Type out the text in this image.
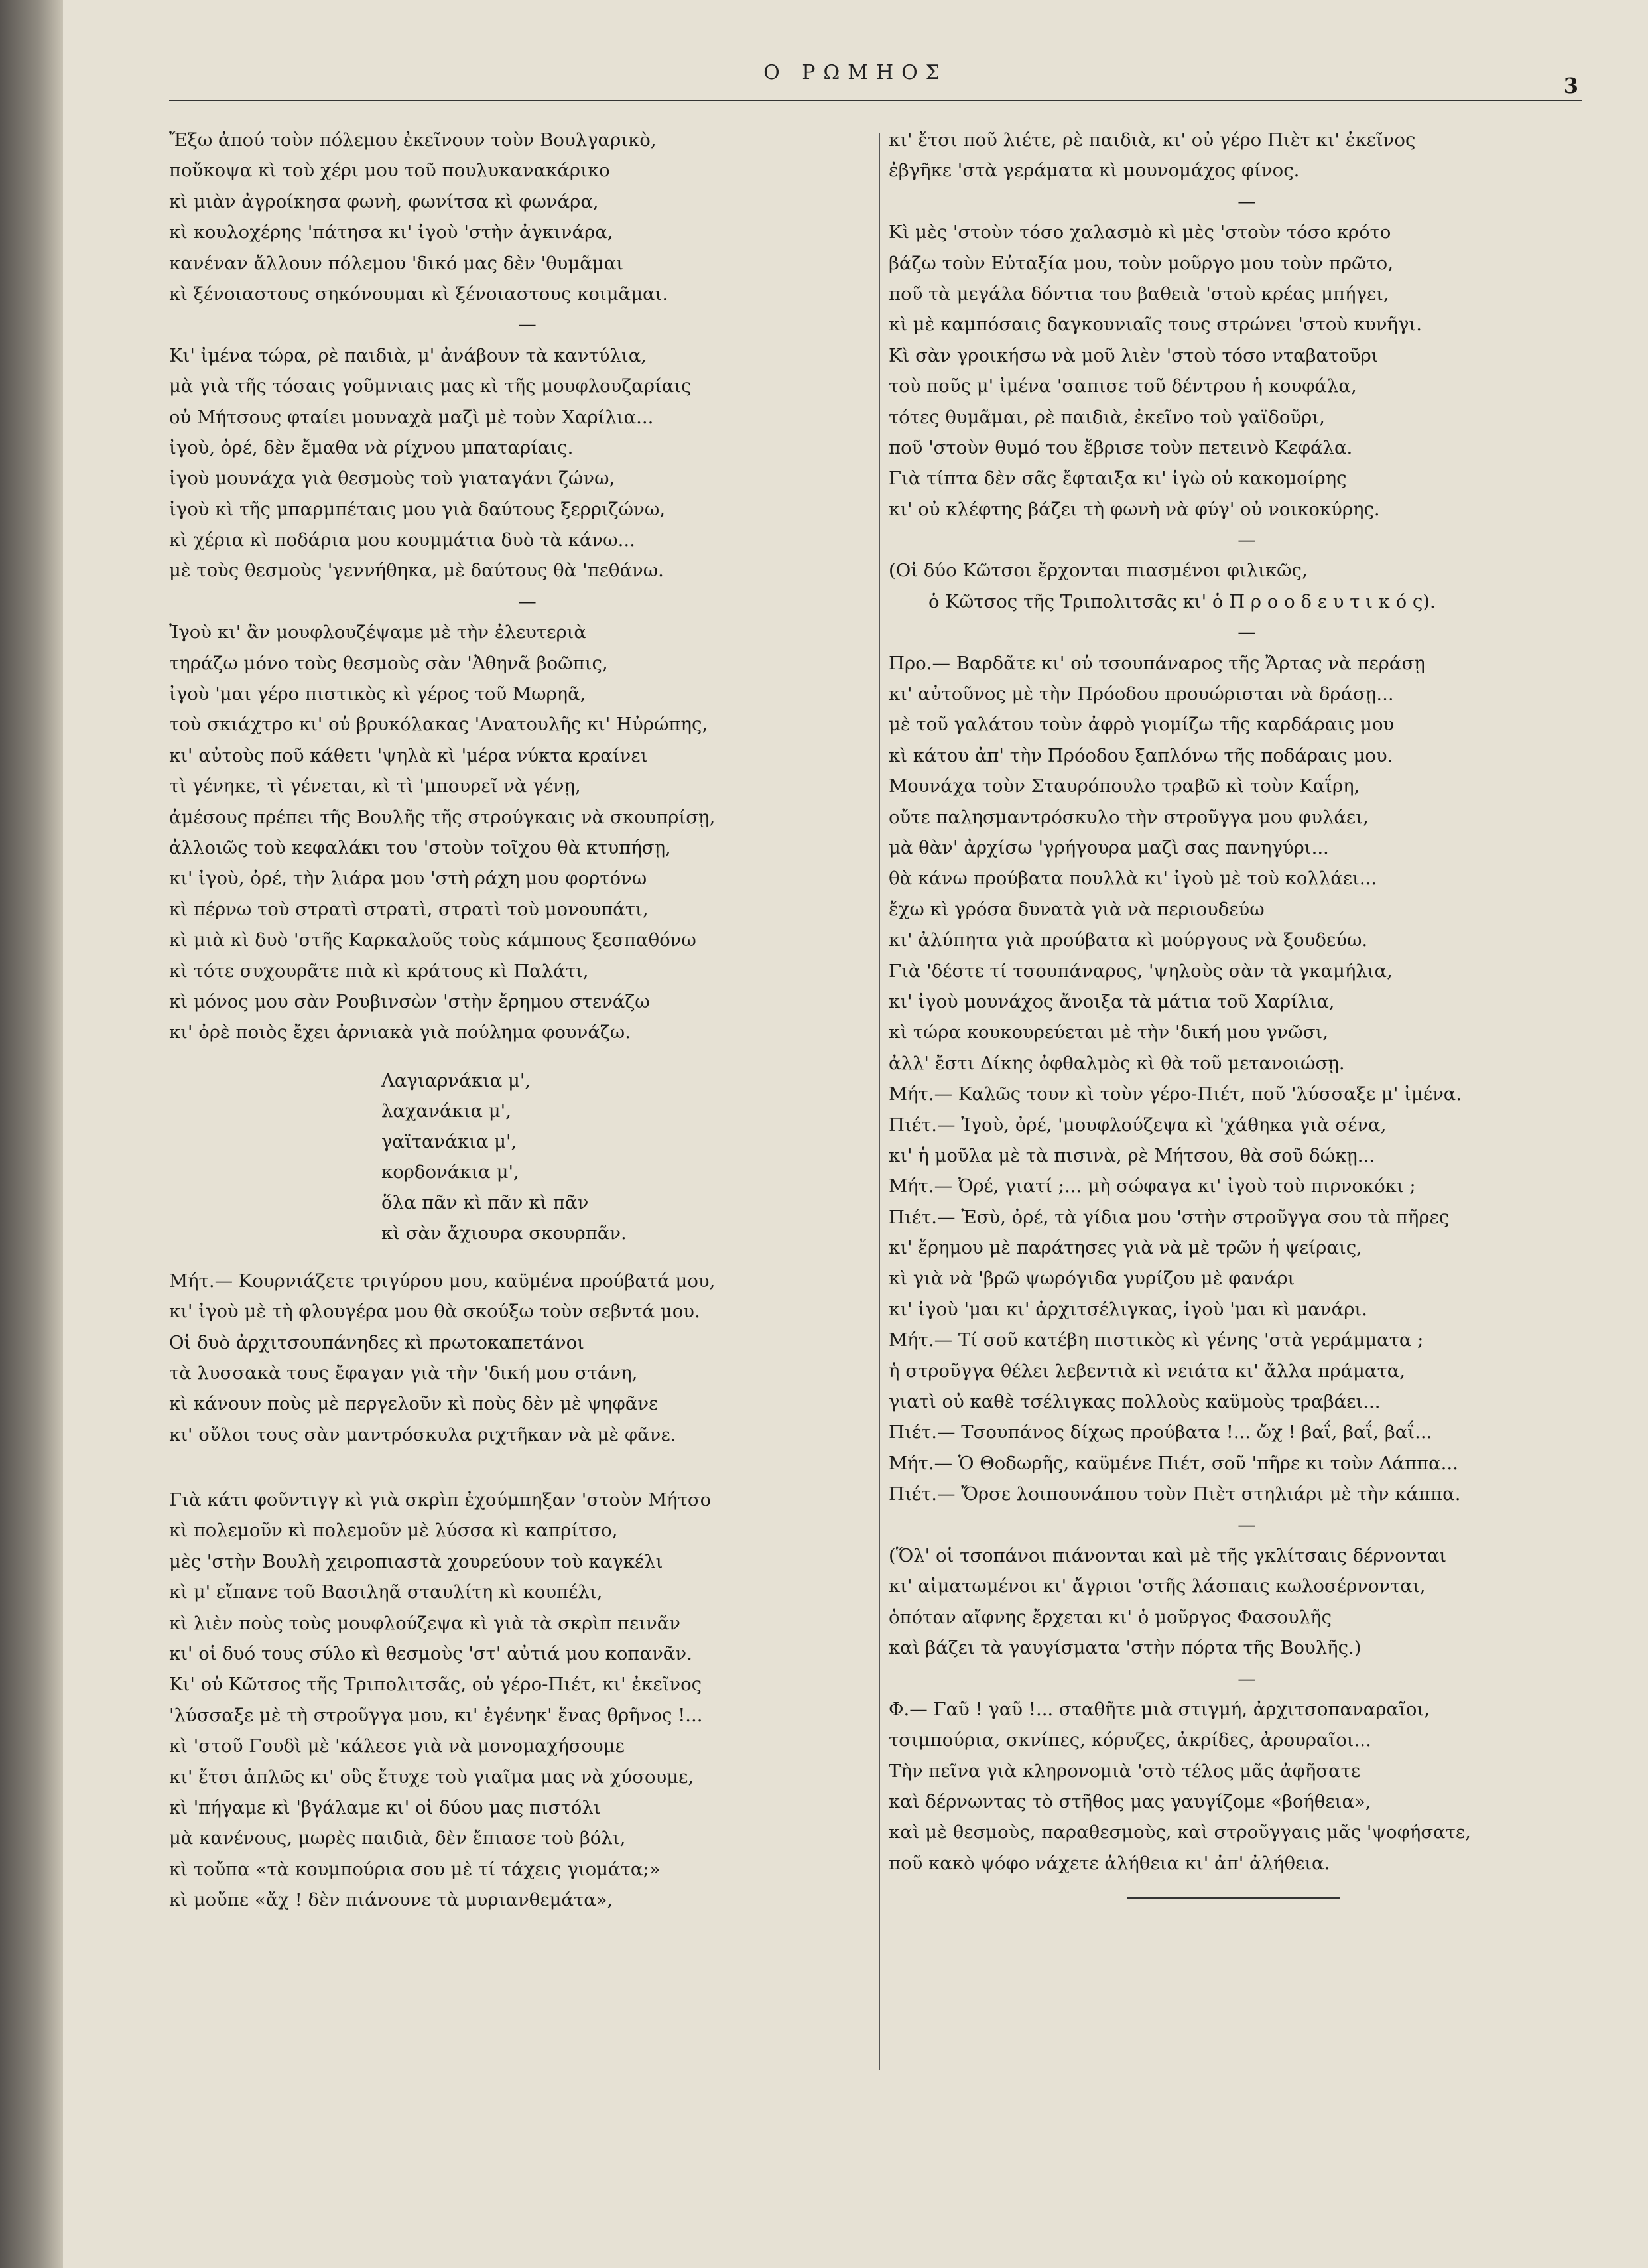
Ο ΡΩΜΗΟΣ
3
Ἔξω ἀπού τοὺν πόλεμου ἐκεῖνουν τοὺν Βουλγαρικὸ,
ποὔκοψα κὶ τοὺ χέρι μου τοῦ πουλυκανακάρικο
κὶ μιὰν ἀγροίκησα φωνὴ, φωνίτσα κὶ φωνάρα,
κὶ κουλοχέρης 'πάτησα κι' ἰγοὺ 'στὴν ἀγκινάρα,
κανέναν ἄλλουν πόλεμου 'δικό μας δὲν 'θυμᾶμαι
κὶ ξένοιαστους σηκόνουμαι κὶ ξένοιαστους κοιμᾶμαι.
—
Κι' ἰμένα τώρα, ρὲ παιδιὰ, μ' ἀνάβουν τὰ καντύλια,
μὰ γιὰ τῆς τόσαις γοῦμνιαις μας κὶ τῆς μουφλουζαρίαις
οὐ Μήτσους φταίει μουναχὰ μαζὶ μὲ τοὺν Χαρίλια...
ἰγοὺ, ὀρέ, δὲν ἔμαθα νὰ ρίχνου μπαταρίαις.
ἰγοὺ μουνάχα γιὰ θεσμοὺς τοὺ γιαταγάνι ζώνω,
ἰγοὺ κὶ τῆς μπαρμπέταις μου γιὰ δαύτους ξερριζώνω,
κὶ χέρια κὶ ποδάρια μου κουμμάτια δυὸ τὰ κάνω...
μὲ τοὺς θεσμοὺς 'γεννήθηκα, μὲ δαύτους θὰ 'πεθάνω.
—
Ἰγοὺ κι' ἂν μουφλουζέψαμε μὲ τὴν ἐλευτεριὰ
τηράζω μόνο τοὺς θεσμοὺς σὰν 'Ἀθηνᾶ βοῶπις,
ἰγοὺ 'μαι γέρο πιστικὸς κὶ γέρος τοῦ Μωρηᾶ,
τοὺ σκιάχτρο κι' οὐ βρυκόλακας 'Ανατουλῆς κι' Ηὐρώπης,
κι' αὐτοὺς ποῦ κάθετι 'ψηλὰ κὶ 'μέρα νύκτα κραίνει
τὶ γένηκε, τὶ γένεται, κὶ τὶ 'μπουρεῖ νὰ γένῃ,
ἀμέσους πρέπει τῆς Βουλῆς τῆς στρούγκαις νὰ σκουπρίσῃ,
ἀλλοιῶς τοὺ κεφαλάκι του 'στοὺν τοῖχου θὰ κτυπήσῃ,
κι' ἰγοὺ, ὀρέ, τὴν λιάρα μου 'στὴ ράχη μου φορτόνω
κὶ πέρνω τοὺ στρατὶ στρατὶ, στρατὶ τοὺ μονουπάτι,
κὶ μιὰ κὶ δυὸ 'στῆς Καρκαλοῦς τοὺς κάμπους ξεσπαθόνω
κὶ τότε συχουρᾶτε πιὰ κὶ κράτους κὶ Παλάτι,
κὶ μόνος μου σὰν Ρουβινσὼν 'στὴν ἔρημου στενάζω
κι' ὀρὲ ποιὸς ἔχει ἀρνιακὰ γιὰ πούλημα φουνάζω.
Λαγιαρνάκια μ',
λαχανάκια μ',
γαϊτανάκια μ',
κορδονάκια μ',
ὅλα πᾶν κὶ πᾶν κὶ πᾶν
κὶ σὰν ἄχιουρα σκουρπᾶν.
Μήτ.— Κουρνιάζετε τριγύρου μου, καϋμένα προύβατά μου,
κι' ἰγοὺ μὲ τὴ φλουγέρα μου θὰ σκούξω τοὺν σεβντά μου.
Οἱ δυὸ ἀρχιτσουπάνηδες κὶ πρωτοκαπετάνοι
τὰ λυσσακὰ τους ἔφαγαν γιὰ τὴν 'δική μου στάνη,
κὶ κάνουν ποὺς μὲ περγελοῦν κὶ ποὺς δὲν μὲ ψηφᾶνε
κι' οὔλοι τους σὰν μαντρόσκυλα ριχτῆκαν νὰ μὲ φᾶνε.
Γιὰ κάτι φοῦντιγγ κὶ γιὰ σκρὶπ ἐχούμπηξαν 'στοὺν Μήτσο
κὶ πολεμοῦν κὶ πολεμοῦν μὲ λύσσα κὶ καπρίτσο,
μὲς 'στὴν Βουλὴ χειροπιαστὰ χουρεύουν τοὺ καγκέλι
κὶ μ' εἴπανε τοῦ Βασιληᾶ σταυλίτη κὶ κουπέλι,
κὶ λιὲν ποὺς τοὺς μουφλούζεψα κὶ γιὰ τὰ σκρὶπ πεινᾶν
κι' οἱ δυό τους σύλο κὶ θεσμοὺς 'στ' αὐτιά μου κοπανᾶν.
Κι' οὐ Κῶτσος τῆς Τριπολιτσᾶς, οὐ γέρο-Πιέτ, κι' ἐκεῖνος
'λύσσαξε μὲ τὴ στροῦγγα μου, κι' ἐγένηκ' ἕνας θρῆνος !...
κὶ 'στοῦ Γουδὶ μὲ 'κάλεσε γιὰ νὰ μονομαχήσουμε
κι' ἔτσι ἁπλῶς κι' οὓς ἔτυχε τοὺ γιαῖμα μας νὰ χύσουμε,
κὶ 'πήγαμε κὶ 'βγάλαμε κι' οἱ δύου μας πιστόλι
μὰ κανένους, μωρὲς παιδιὰ, δὲν ἔπιασε τοὺ βόλι,
κὶ τοὔπα «τὰ κουμπούρια σου μὲ τί τάχεις γιομάτα;»
κὶ μοὔπε «ἄχ ! δὲν πιάνουνε τὰ μυριανθεμάτα»,
κι' ἔτσι ποῦ λιέτε, ρὲ παιδιὰ, κι' οὐ γέρο Πιὲτ κι' ἐκεῖνος
ἐβγῆκε 'στὰ γεράματα κὶ μουνομάχος φίνος.
—
Κὶ μὲς 'στοὺν τόσο χαλασμὸ κὶ μὲς 'στοὺν τόσο κρότο
βάζω τοὺν Εὐταξία μου, τοὺν μοῦργο μου τοὺν πρῶτο,
ποῦ τὰ μεγάλα δόντια του βαθειὰ 'στοὺ κρέας μπήγει,
κὶ μὲ καμπόσαις δαγκουνιαῖς τους στρώνει 'στοὺ κυνῆγι.
Κὶ σὰν γροικήσω νὰ μοῦ λιὲν 'στοὺ τόσο νταβατοῦρι
τοὺ ποῦς μ' ἰμένα 'σαπισε τοῦ δέντρου ἡ κουφάλα,
τότες θυμᾶμαι, ρὲ παιδιὰ, ἐκεῖνο τοὺ γαϊδοῦρι,
ποῦ 'στοὺν θυμό του ἔβρισε τοὺν πετεινὸ Κεφάλα.
Γιὰ τίπτα δὲν σᾶς ἔφταιξα κι' ἰγὼ οὐ κακομοίρης
κι' οὐ κλέφτης βάζει τὴ φωνὴ νὰ φύγ' οὐ νοικοκύρης.
—
(Οἱ δύο Κῶτσοι ἔρχονται πιασμένοι φιλικῶς,
ὁ Κῶτσος τῆς Τριπολιτσᾶς κι' ὁ Π ρ ο ο δ ε υ τ ι κ ό ς).
—
Προ.— Βαρδᾶτε κι' οὐ τσουπάναρος τῆς Ἄρτας νὰ περάσῃ
κι' αὐτοῦνος μὲ τὴν Πρόοδου προυώρισται νὰ δράσῃ...
μὲ τοῦ γαλάτου τοὺν ἀφρὸ γιομίζω τῆς καρδάραις μου
κὶ κάτου ἀπ' τὴν Πρόοδου ξαπλόνω τῆς ποδάραις μου.
Μουνάχα τοὺν Σταυρόπουλο τραβῶ κὶ τοὺν Καΐρη,
οὔτε παλησμαντρόσκυλο τὴν στροῦγγα μου φυλάει,
μὰ θὰν' ἀρχίσω 'γρήγουρα μαζὶ σας πανηγύρι...
θὰ κάνω προύβατα πουλλὰ κι' ἰγοὺ μὲ τοὺ κολλάει...
ἔχω κὶ γρόσα δυνατὰ γιὰ νὰ περιουδεύω
κι' ἀλύπητα γιὰ προύβατα κὶ μούργους νὰ ξουδεύω.
Γιὰ 'δέστε τί τσουπάναρος, 'ψηλοὺς σὰν τὰ γκαμήλια,
κι' ἰγοὺ μουνάχος ἄνοιξα τὰ μάτια τοῦ Χαρίλια,
κὶ τώρα κουκουρεύεται μὲ τὴν 'δική μου γνῶσι,
ἀλλ' ἔστι Δίκης ὀφθαλμὸς κὶ θὰ τοῦ μετανοιώσῃ.
Μήτ.— Καλῶς τουν κὶ τοὺν γέρο-Πιέτ, ποῦ 'λύσσαξε μ' ἰμένα.
Πιέτ.— Ἰγοὺ, ὀρέ, 'μουφλούζεψα κὶ 'χάθηκα γιὰ σένα,
κι' ἡ μοῦλα μὲ τὰ πισινὰ, ρὲ Μήτσου, θὰ σοῦ δώκῃ...
Μήτ.— Ὀρέ, γιατί ;... μὴ σώφαγα κι' ἰγοὺ τοὺ πιρνοκόκι ;
Πιέτ.— Ἐσὺ, ὀρέ, τὰ γίδια μου 'στὴν στροῦγγα σου τὰ πῆρες
κι' ἔρημου μὲ παράτησες γιὰ νὰ μὲ τρῶν ἡ ψείραις,
κὶ γιὰ νὰ 'βρῶ ψωρόγιδα γυρίζου μὲ φανάρι
κι' ἰγοὺ 'μαι κι' ἀρχιτσέλιγκας, ἰγοὺ 'μαι κὶ μανάρι.
Μήτ.— Τί σοῦ κατέβη πιστικὸς κὶ γένης 'στὰ γεράμματα ;
ἡ στροῦγγα θέλει λεβεντιὰ κὶ νειάτα κι' ἄλλα πράματα,
γιατὶ οὐ καθὲ τσέλιγκας πολλοὺς καϋμοὺς τραβάει...
Πιέτ.— Τσουπάνος δίχως προύβατα !... ὤχ ! βαΐ, βαΐ, βαΐ...
Μήτ.— Ὁ Θοδωρῆς, καϋμένε Πιέτ, σοῦ 'πῆρε κι τοὺν Λάππα...
Πιέτ.— Ὄρσε λοιπουνάπου τοὺν Πιὲτ στηλιάρι μὲ τὴν κάππα.
—
(Ὅλ' οἱ τσοπάνοι πιάνονται καὶ μὲ τῆς γκλίτσαις δέρνονται
κι' αἱματωμένοι κι' ἄγριοι 'στῆς λάσπαις κωλοσέρνονται,
ὁπόταν αἴφνης ἔρχεται κι' ὁ μοῦργος Φασουλῆς
καὶ βάζει τὰ γαυγίσματα 'στὴν πόρτα τῆς Βουλῆς.)
—
Φ.— Γαῦ ! γαῦ !... σταθῆτε μιὰ στιγμή, ἀρχιτσοπαναραῖοι,
τσιμπούρια, σκνίπες, κόρυζες, ἀκρίδες, ἀρουραῖοι...
Τὴν πεῖνα γιὰ κληρονομιὰ 'στὸ τέλος μᾶς ἀφῆσατε
καὶ δέρνωντας τὸ στῆθος μας γαυγίζομε «βοήθεια»,
καὶ μὲ θεσμοὺς, παραθεσμοὺς, καὶ στροῦγγαις μᾶς 'ψοφήσατε,
ποῦ κακὸ ψόφο νάχετε ἀλήθεια κι' ἀπ' ἀλήθεια.
